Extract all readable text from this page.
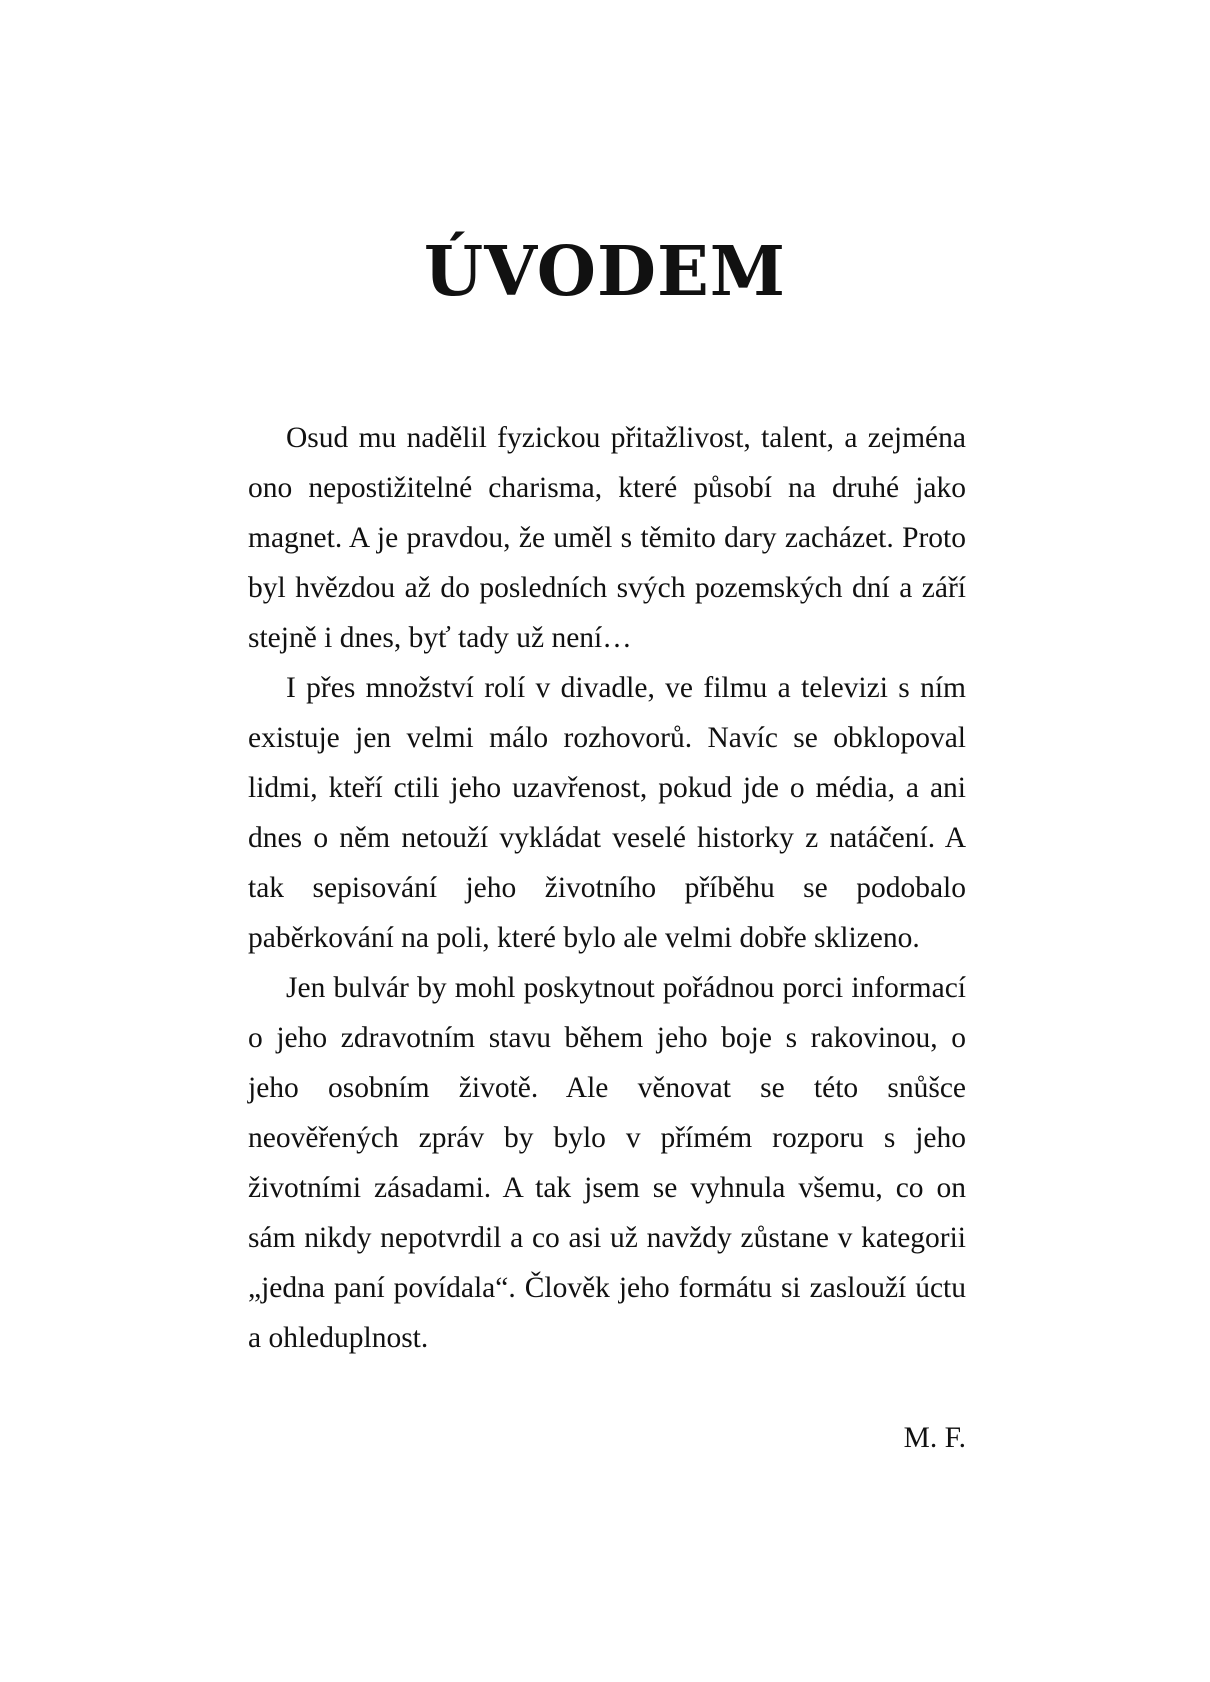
ÚVODEM

Osud mu nadělil fyzickou přitažlivost, talent, a zejména ono nepostižitelné charisma, které působí na druhé jako magnet. A je pravdou, že uměl s těmito dary zacházet. Proto byl hvězdou až do posledních svých pozemských dní a září stejně i dnes, byť tady už není…

I přes množství rolí v divadle, ve filmu a televizi s ním existuje jen velmi málo rozhovorů. Navíc se obklopoval lidmi, kteří ctili jeho uzavřenost, pokud jde o média, a ani dnes o něm netouží vykládat veselé historky z natáčení. A tak sepisování jeho životního příběhu se podobalo paběrkování na poli, které bylo ale velmi dobře sklizeno.

Jen bulvár by mohl poskytnout pořádnou porci informací o jeho zdravotním stavu během jeho boje s rakovinou, o jeho osobním životě. Ale věnovat se této snůšce neověřených zpráv by bylo v přímém rozporu s jeho životními zásadami. A tak jsem se vyhnula všemu, co on sám nikdy nepotvrdil a co asi už navždy zůstane v kategorii „jedna paní povídala“. Člověk jeho formátu si zaslouží úctu a ohleduplnost.

M. F.
